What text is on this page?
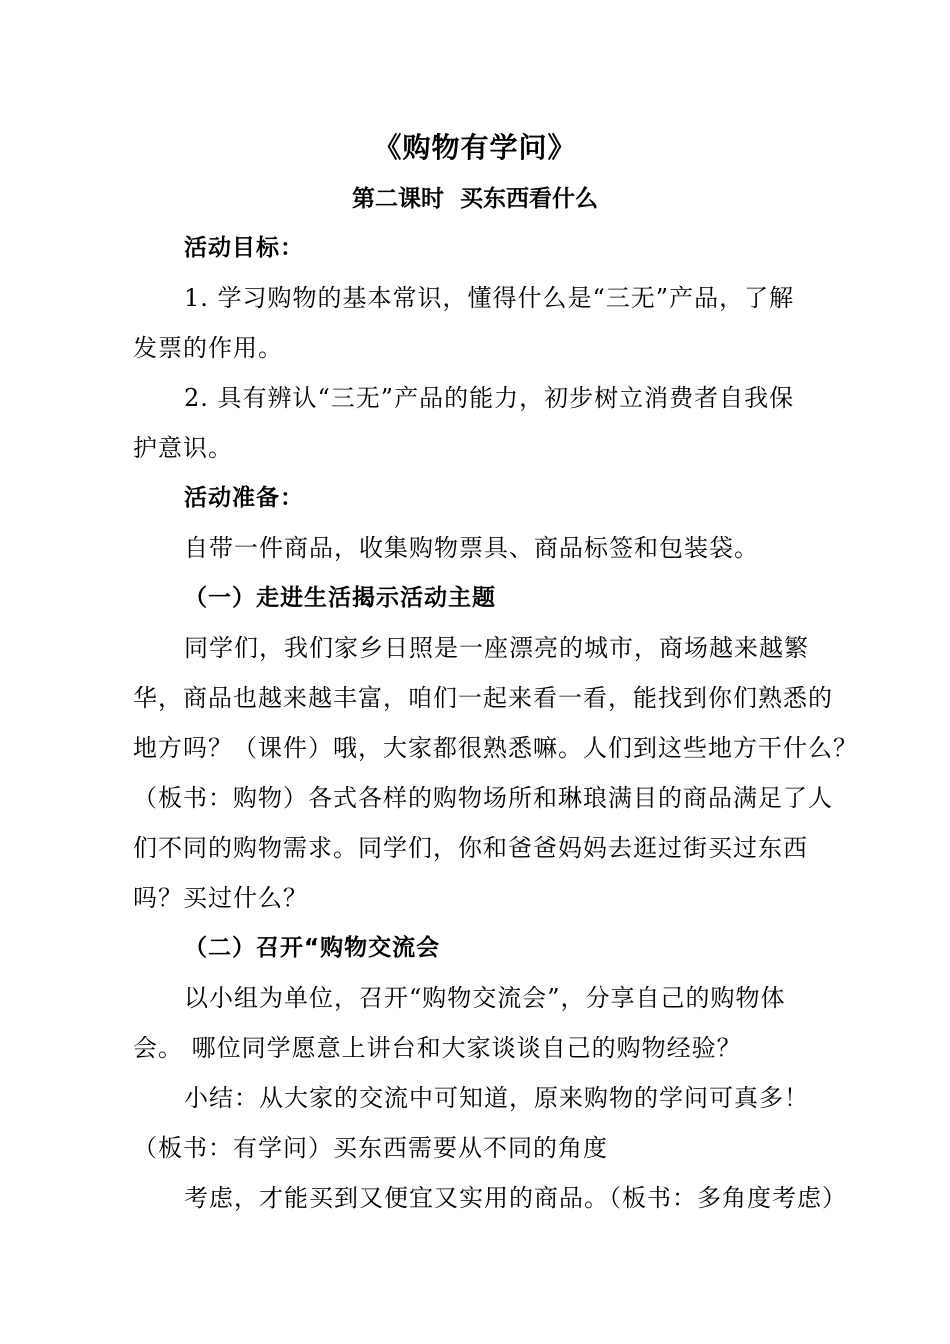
《购物有学问》
第二课时  买东西看什么
活动目标：
1. 学习购物的基本常识，懂得什么是“三无”产品，了解
发票的作用。
2. 具有辨认“三无”产品的能力，初步树立消费者自我保
护意识。
活动准备：
自带一件商品，收集购物票具、商品标签和包装袋。
（一）走进生活揭示活动主题
同学们，我们家乡日照是一座漂亮的城市，商场越来越繁
华，商品也越来越丰富，咱们一起来看一看，能找到你们熟悉的
地方吗？（课件）哦，大家都很熟悉嘛。人们到这些地方干什么？
（板书：购物）各式各样的购物场所和琳琅满目的商品满足了人
们不同的购物需求。同学们，你和爸爸妈妈去逛过街买过东西
吗？买过什么？
（二）召开“购物交流会
以小组为单位，召开“购物交流会”，分享自己的购物体
会。 哪位同学愿意上讲台和大家谈谈自己的购物经验？
小结：从大家的交流中可知道，原来购物的学问可真多！
（板书：有学问）买东西需要从不同的角度
考虑，才能买到又便宜又实用的商品。（板书：多角度考虑）
